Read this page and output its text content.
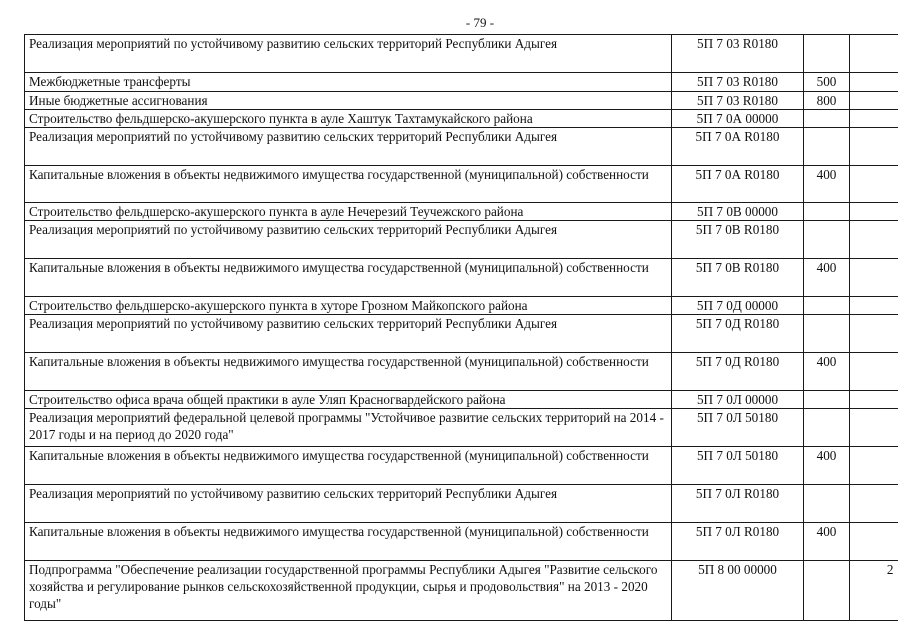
- 79 -
Реализация мероприятий по устойчивому развитию сельских территорий Республики Адыгея	5П 7 03 R0180		
Межбюджетные трансферты	5П 7 03 R0180	500	
Иные бюджетные ассигнования	5П 7 03 R0180	800	
Строительство фельдшерско-акушерского пункта в ауле Хаштук Тахтамукайского района	5П 7 0А 00000		
Реализация мероприятий по устойчивому развитию сельских территорий Республики Адыгея	5П 7 0А R0180		
Капитальные вложения в объекты недвижимого имущества государственной (муниципальной) собственности	5П 7 0А R0180	400	
Строительство фельдшерско-акушерского пункта в ауле Нечерезий Теучежского района	5П 7 0В 00000		
Реализация мероприятий по устойчивому развитию сельских территорий Республики Адыгея	5П 7 0В R0180		
Капитальные вложения в объекты недвижимого имущества государственной (муниципальной) собственности	5П 7 0В R0180	400	
Строительство фельдшерско-акушерского пункта в хуторе Грозном Майкопского района	5П 7 0Д 00000		
Реализация мероприятий по устойчивому развитию сельских территорий Республики Адыгея	5П 7 0Д R0180		
Капитальные вложения в объекты недвижимого имущества государственной (муниципальной) собственности	5П 7 0Д R0180	400	
Строительство офиса врача общей практики в ауле Уляп Красногвардейского района	5П 7 0Л 00000		
Реализация мероприятий федеральной целевой программы "Устойчивое развитие сельских территорий на 2014 - 2017 годы и на период до 2020 года"	5П 7 0Л 50180		
Капитальные вложения в объекты недвижимого имущества государственной (муниципальной) собственности	5П 7 0Л 50180	400	
Реализация мероприятий по устойчивому развитию сельских территорий Республики Адыгея	5П 7 0Л R0180		
Капитальные вложения в объекты недвижимого имущества государственной (муниципальной) собственности	5П 7 0Л R0180	400	
Подпрограмма "Обеспечение реализации государственной программы Республики Адыгея "Развитие сельского хозяйства и регулирование рынков сельскохозяйственной продукции, сырья и продовольствия" на 2013 - 2020 годы"	5П 8 00 00000		2
